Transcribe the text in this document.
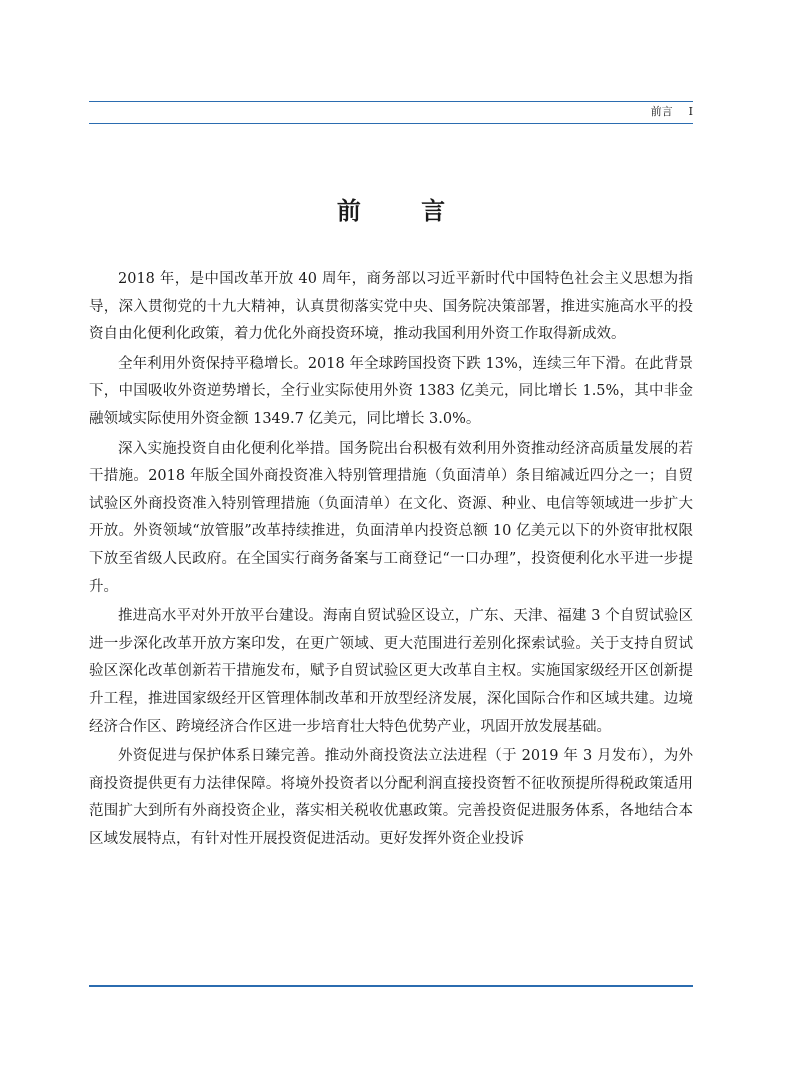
前言 I
前 言

2018 年，是中国改革开放 40 周年，商务部以习近平新时代中国特色社会主义思想为指导，深入贯彻党的十九大精神，认真贯彻落实党中央、国务院决策部署，推进实施高水平的投资自由化便利化政策，着力优化外商投资环境，推动我国利用外资工作取得新成效。

全年利用外资保持平稳增长。2018 年全球跨国投资下跌 13%，连续三年下滑。在此背景下，中国吸收外资逆势增长，全行业实际使用外资 1383 亿美元，同比增长 1.5%，其中非金融领域实际使用外资金额 1349.7 亿美元，同比增长 3.0%。

深入实施投资自由化便利化举措。国务院出台积极有效利用外资推动经济高质量发展的若干措施。2018 年版全国外商投资准入特别管理措施（负面清单）条目缩减近四分之一；自贸试验区外商投资准入特别管理措施（负面清单）在文化、资源、种业、电信等领域进一步扩大开放。外资领域“放管服”改革持续推进，负面清单内投资总额 10 亿美元以下的外资审批权限下放至省级人民政府。在全国实行商务备案与工商登记“一口办理”，投资便利化水平进一步提升。

推进高水平对外开放平台建设。海南自贸试验区设立，广东、天津、福建 3 个自贸试验区进一步深化改革开放方案印发，在更广领域、更大范围进行差别化探索试验。关于支持自贸试验区深化改革创新若干措施发布，赋予自贸试验区更大改革自主权。实施国家级经开区创新提升工程，推进国家级经开区管理体制改革和开放型经济发展，深化国际合作和区域共建。边境经济合作区、跨境经济合作区进一步培育壮大特色优势产业，巩固开放发展基础。

外资促进与保护体系日臻完善。推动外商投资法立法进程（于 2019 年 3 月发布），为外商投资提供更有力法律保障。将境外投资者以分配利润直接投资暂不征收预提所得税政策适用范围扩大到所有外商投资企业，落实相关税收优惠政策。完善投资促进服务体系，各地结合本区域发展特点，有针对性开展投资促进活动。更好发挥外资企业投诉
